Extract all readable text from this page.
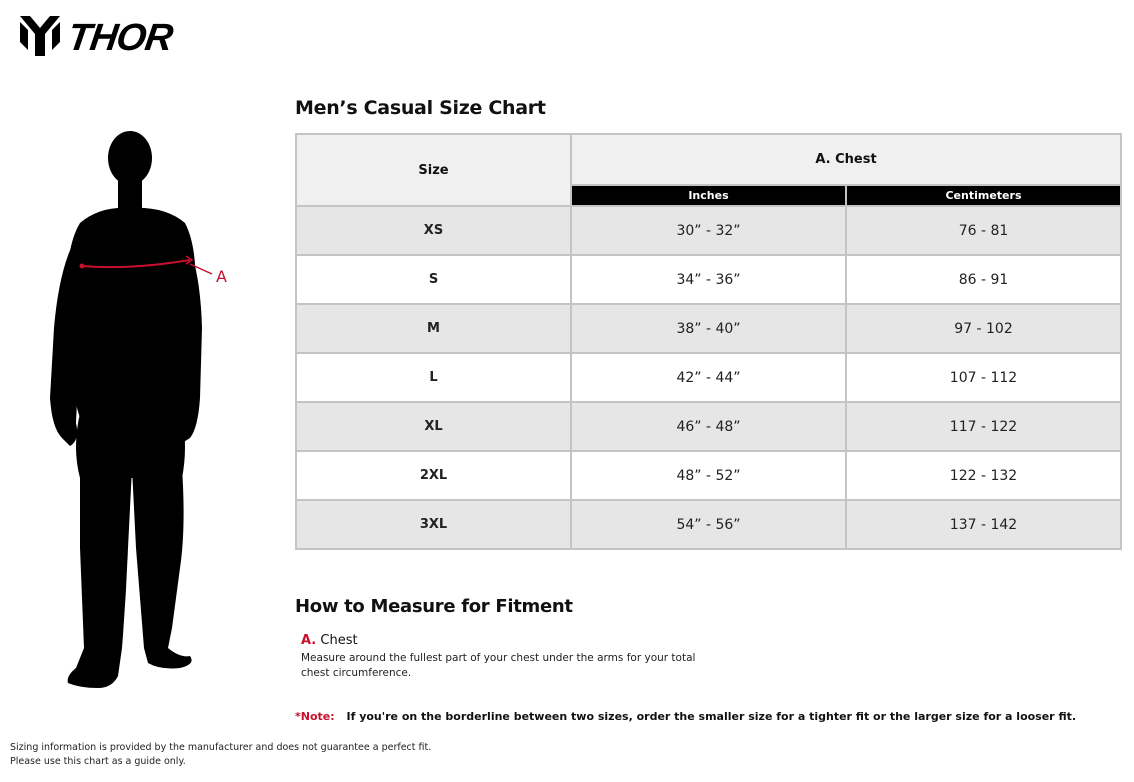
THOR
A
Men’s Casual Size Chart
Size	A. Chest	
	Inches	Centimeters
XS	30” - 32”	76 - 81
S	34” - 36”	86 - 91
M	38” - 40”	97 - 102
L	42” - 44”	107 - 112
XL	46” - 48”	117 - 122
2XL	48” - 52”	122 - 132
3XL	54” - 56”	137 - 142
How to Measure for Fitment
A. Chest
Measure around the fullest part of your chest under the arms for your total chest circumference.
*Note: If you're on the borderline between two sizes, order the smaller size for a tighter fit or the larger size for a looser fit.
Sizing information is provided by the manufacturer and does not guarantee a perfect fit.
Please use this chart as a guide only.
